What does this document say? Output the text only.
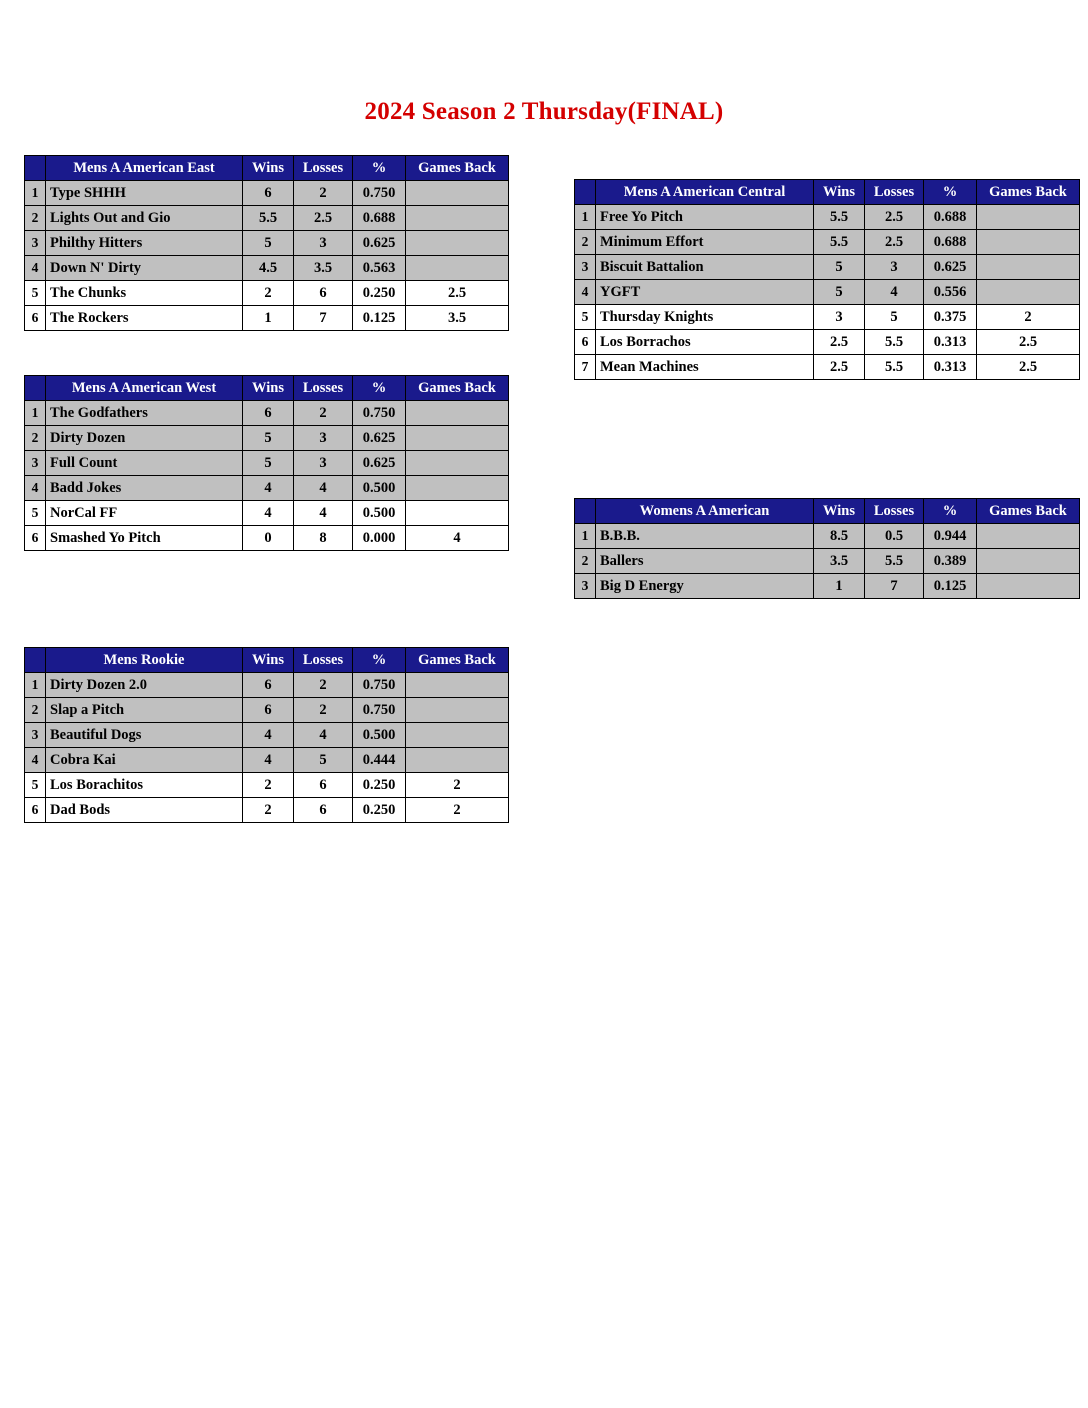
2024 Season 2 Thursday(FINAL)
	Mens A American East	Wins	Losses	%	Games Back
1	Type SHHH	6	2	0.750	
2	Lights Out and Gio	5.5	2.5	0.688	
3	Philthy Hitters	5	3	0.625	
4	Down N' Dirty	4.5	3.5	0.563	
5	The Chunks	2	6	0.250	2.5
6	The Rockers	1	7	0.125	3.5
	Mens A American West	Wins	Losses	%	Games Back
1	The Godfathers	6	2	0.750	
2	Dirty Dozen	5	3	0.625	
3	Full Count	5	3	0.625	
4	Badd Jokes	4	4	0.500	
5	NorCal FF	4	4	0.500	
6	Smashed Yo Pitch	0	8	0.000	4
	Mens Rookie	Wins	Losses	%	Games Back
1	Dirty Dozen 2.0	6	2	0.750	
2	Slap a Pitch	6	2	0.750	
3	Beautiful Dogs	4	4	0.500	
4	Cobra Kai	4	5	0.444	
5	Los Borachitos	2	6	0.250	2
6	Dad Bods	2	6	0.250	2
	Mens A American Central	Wins	Losses	%	Games Back
1	Free Yo Pitch	5.5	2.5	0.688	
2	Minimum Effort	5.5	2.5	0.688	
3	Biscuit Battalion	5	3	0.625	
4	YGFT	5	4	0.556	
5	Thursday Knights	3	5	0.375	2
6	Los Borrachos	2.5	5.5	0.313	2.5
7	Mean Machines	2.5	5.5	0.313	2.5
	Womens A American	Wins	Losses	%	Games Back
1	B.B.B.	8.5	0.5	0.944	
2	Ballers	3.5	5.5	0.389	
3	Big D Energy	1	7	0.125	
